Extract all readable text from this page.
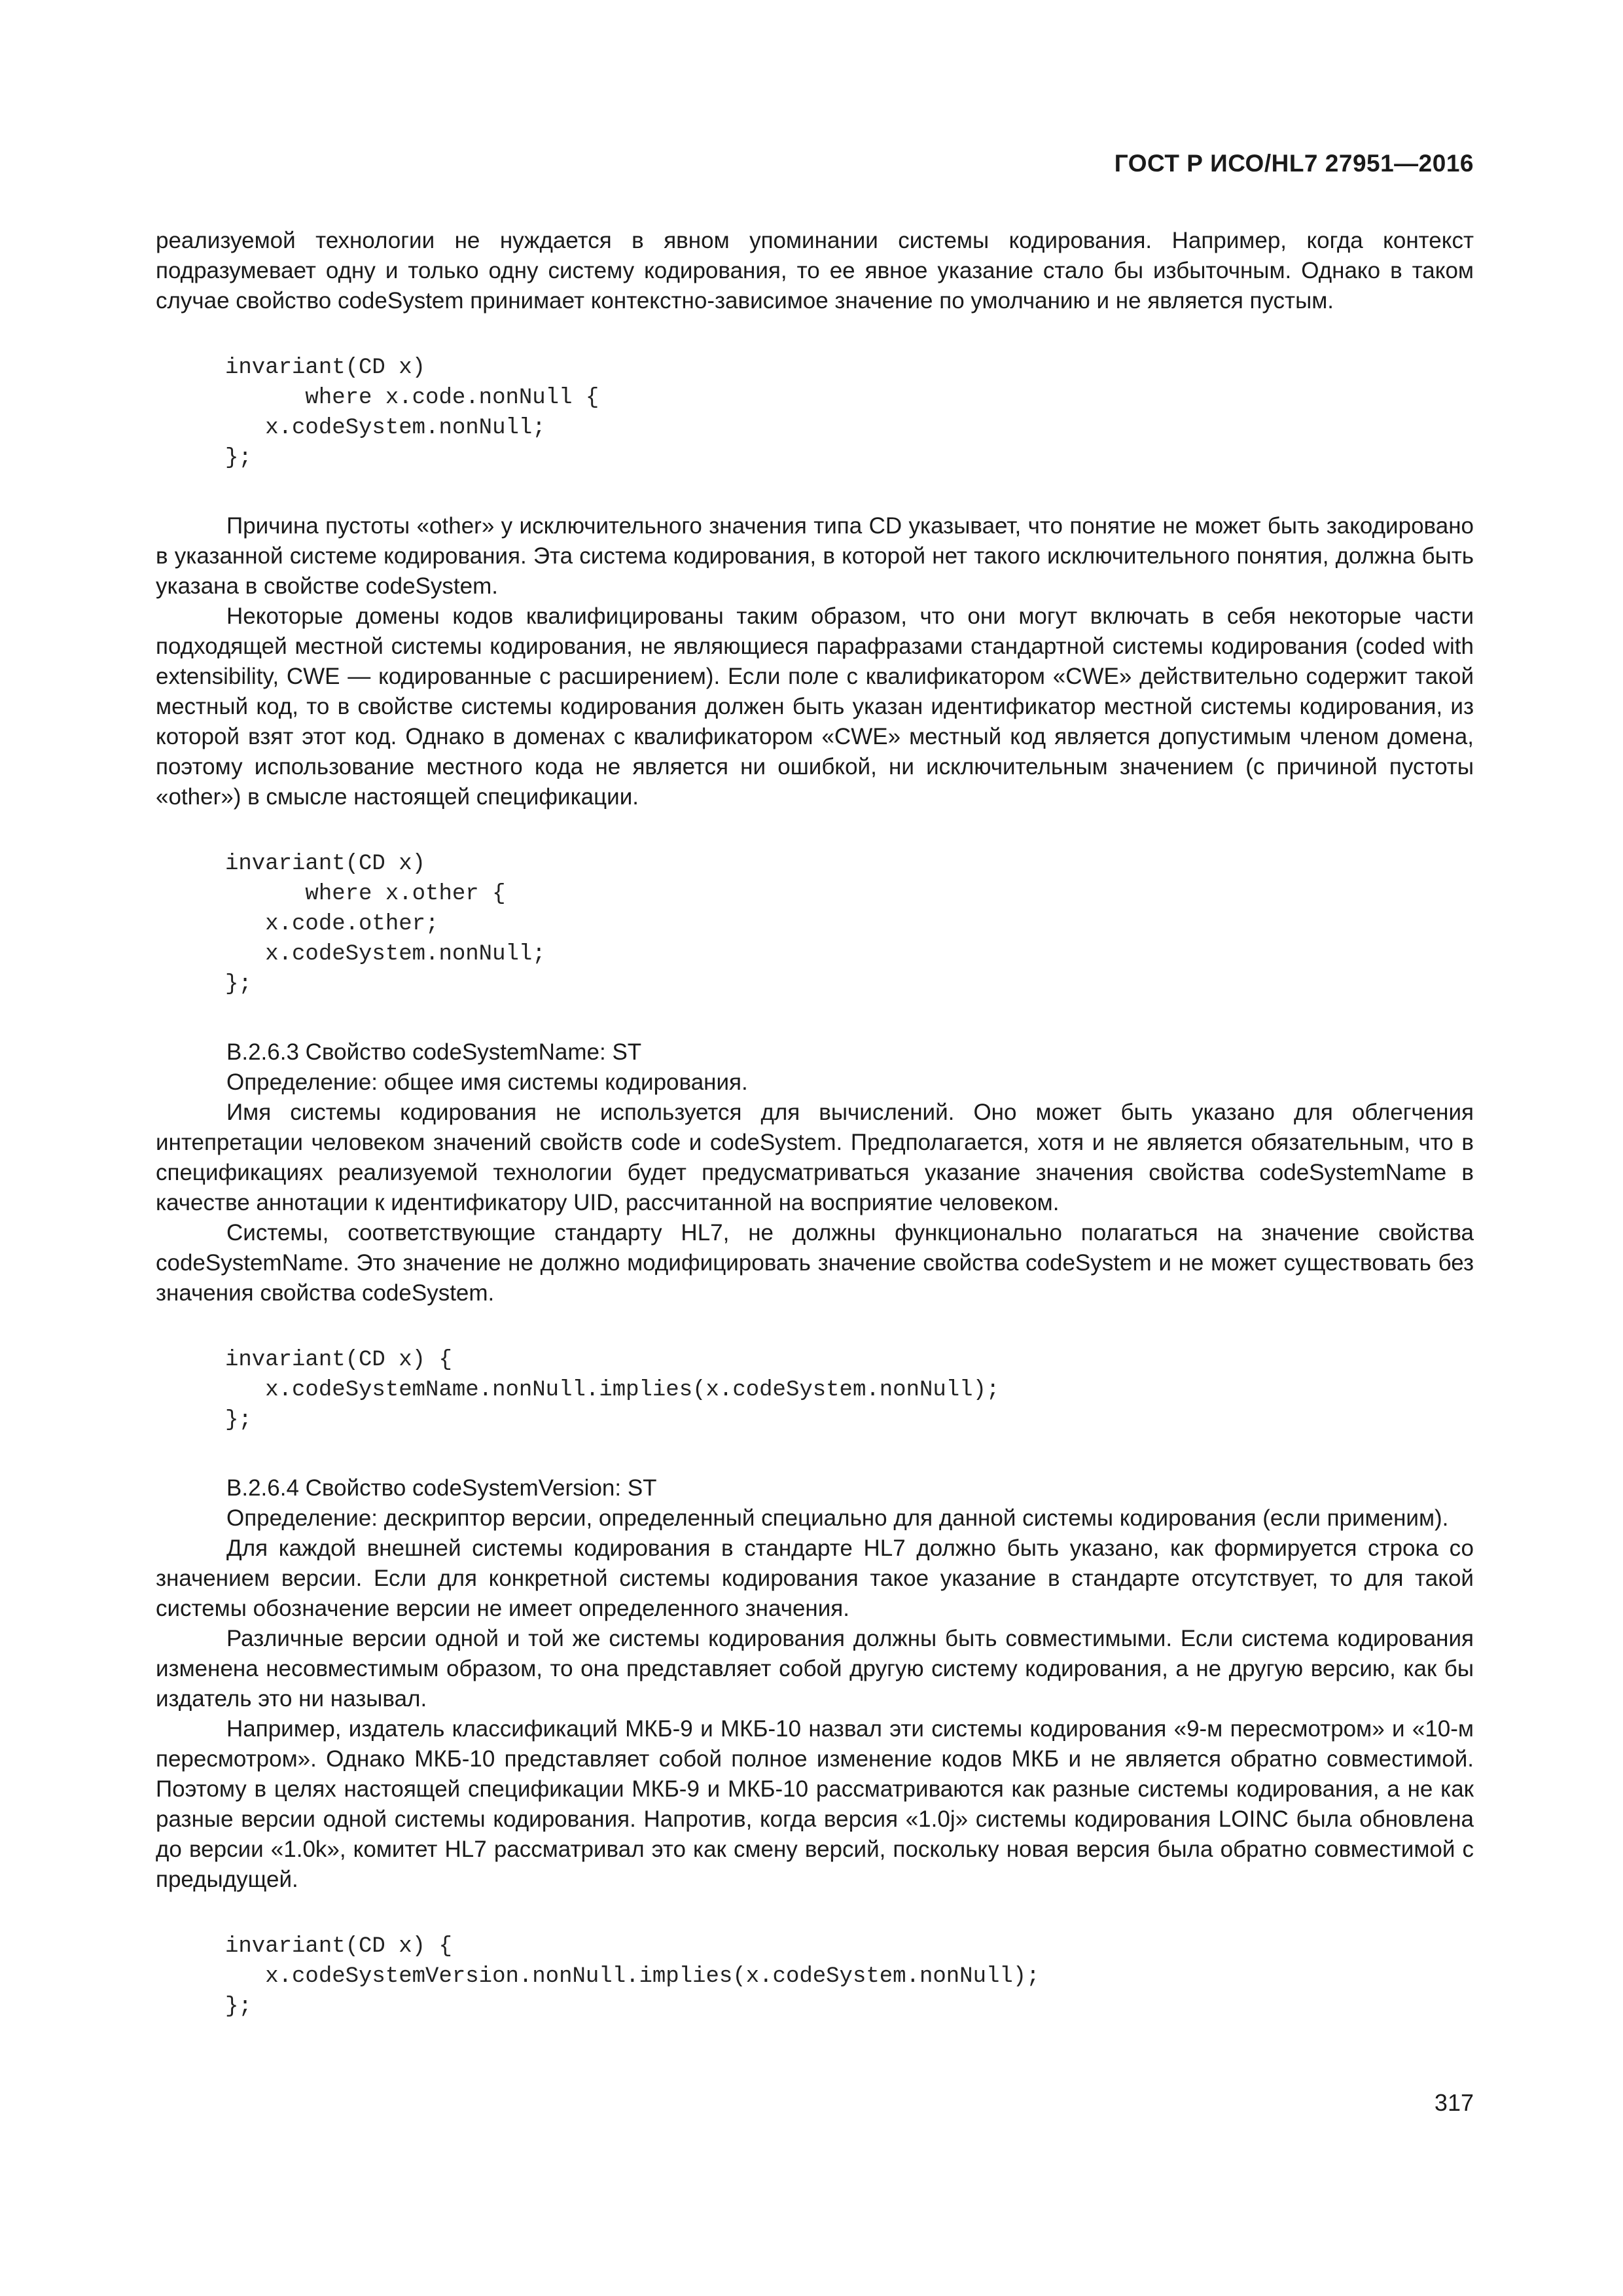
ГОСТ Р ИСО/HL7 27951—2016

реализуемой технологии не нуждается в явном упоминании системы кодирования. Например, когда контекст подразумевает одну и только одну систему кодирования, то ее явное указание стало бы избыточным. Однако в таком случае свойство codeSystem принимает контекстно-зависимое значение по умолчанию и не является пустым.

invariant(CD x)
where x.code.nonNull {
x.codeSystem.nonNull;
};

Причина пустоты «other» у исключительного значения типа CD указывает, что понятие не может быть закодировано в указанной системе кодирования. Эта система кодирования, в которой нет такого исключительного понятия, должна быть указана в свойстве codeSystem.

Некоторые домены кодов квалифицированы таким образом, что они могут включать в себя некоторые части подходящей местной системы кодирования, не являющиеся парафразами стандартной системы кодирования (coded with extensibility, CWE — кодированные с расширением). Если поле с квалификатором «CWE» действительно содержит такой местный код, то в свойстве системы кодирования должен быть указан идентификатор местной системы кодирования, из которой взят этот код. Однако в доменах с квалификатором «CWE» местный код является допустимым членом домена, поэтому использование местного кода не является ни ошибкой, ни исключительным значением (с причиной пустоты «other») в смысле настоящей спецификации.

invariant(CD x)
where x.other {
x.code.other;
x.codeSystem.nonNull;
};

В.2.6.3 Свойство codeSystemName: ST

Определение: общее имя системы кодирования.

Имя системы кодирования не используется для вычислений. Оно может быть указано для облегчения интепретации человеком значений свойств code и codeSystem. Предполагается, хотя и не является обязательным, что в спецификациях реализуемой технологии будет предусматриваться указание значения свойства codeSystemName в качестве аннотации к идентификатору UID, рассчитанной на восприятие человеком.

Системы, соответствующие стандарту HL7, не должны функционально полагаться на значение свойства codeSystemName. Это значение не должно модифицировать значение свойства codeSystem и не может существовать без значения свойства codeSystem.

invariant(CD x) {
x.codeSystemName.nonNull.implies(x.codeSystem.nonNull);
};

В.2.6.4 Свойство codeSystemVersion: ST

Определение: дескриптор версии, определенный специально для данной системы кодирования (если применим).

Для каждой внешней системы кодирования в стандарте HL7 должно быть указано, как формируется строка со значением версии. Если для конкретной системы кодирования такое указание в стандарте отсутствует, то для такой системы обозначение версии не имеет определенного значения.

Различные версии одной и той же системы кодирования должны быть совместимыми. Если система кодирования изменена несовместимым образом, то она представляет собой другую систему кодирования, а не другую версию, как бы издатель это ни называл.

Например, издатель классификаций МКБ-9 и МКБ-10 назвал эти системы кодирования «9-м пересмотром» и «10-м пересмотром». Однако МКБ-10 представляет собой полное изменение кодов МКБ и не является обратно совместимой. Поэтому в целях настоящей спецификации МКБ-9 и МКБ-10 рассматриваются как разные системы кодирования, а не как разные версии одной системы кодирования. Напротив, когда версия «1.0j» системы кодирования LOINC была обновлена до версии «1.0k», комитет HL7 рассматривал это как смену версий, поскольку новая версия была обратно совместимой с предыдущей.

invariant(CD x) {
x.codeSystemVersion.nonNull.implies(x.codeSystem.nonNull);
};
317
